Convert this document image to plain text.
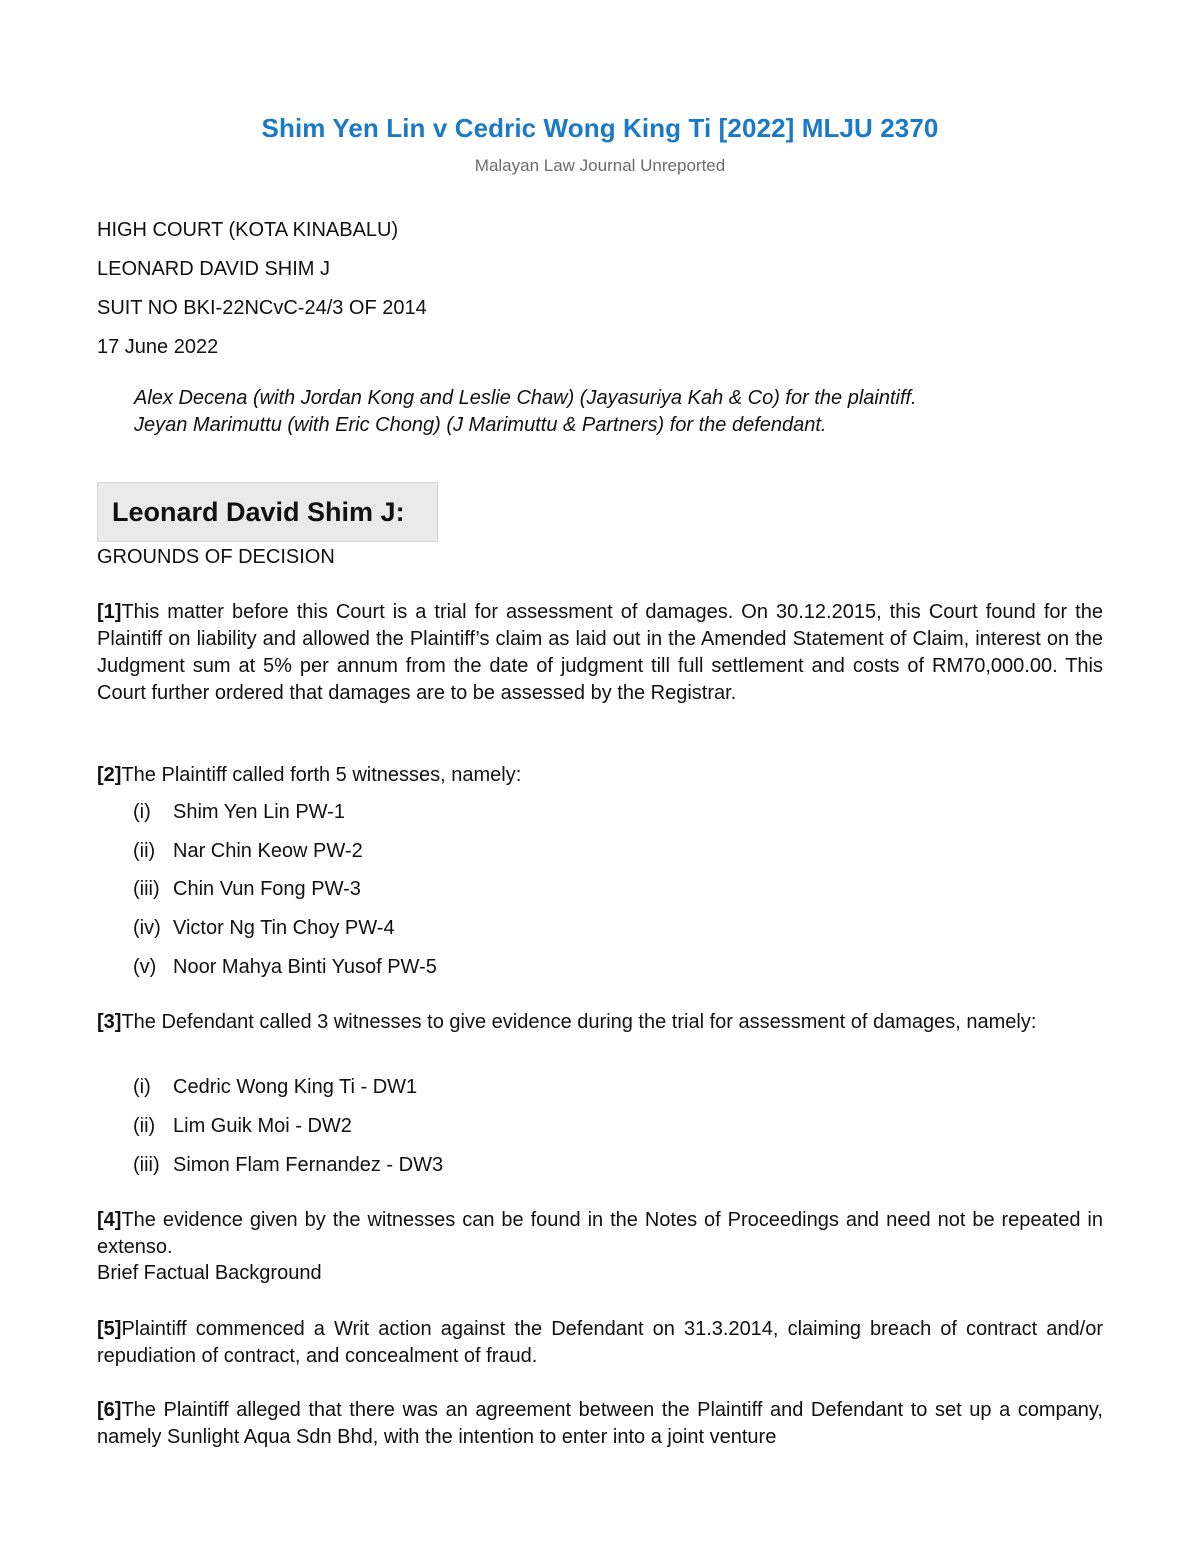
Shim Yen Lin v Cedric Wong King Ti [2022] MLJU 2370
Malayan Law Journal Unreported
HIGH COURT (KOTA KINABALU)
LEONARD DAVID SHIM J
SUIT NO BKI-22NCvC-24/3 OF 2014
17 June 2022
Alex Decena (with Jordan Kong and Leslie Chaw) (Jayasuriya Kah & Co) for the plaintiff.
Jeyan Marimuttu (with Eric Chong) (J Marimuttu & Partners) for the defendant.
Leonard David Shim J:
GROUNDS OF DECISION
[1]This matter before this Court is a trial for assessment of damages. On 30.12.2015, this Court found for the Plaintiff on liability and allowed the Plaintiff’s claim as laid out in the Amended Statement of Claim, interest on the Judgment sum at 5% per annum from the date of judgment till full settlement and costs of RM70,000.00. This Court further ordered that damages are to be assessed by the Registrar.
[2]The Plaintiff called forth 5 witnesses, namely:
(i) Shim Yen Lin PW-1
(ii) Nar Chin Keow PW-2
(iii) Chin Vun Fong PW-3
(iv) Victor Ng Tin Choy PW-4
(v) Noor Mahya Binti Yusof PW-5
[3]The Defendant called 3 witnesses to give evidence during the trial for assessment of damages, namely:
(i) Cedric Wong King Ti - DW1
(ii) Lim Guik Moi - DW2
(iii) Simon Flam Fernandez - DW3
[4]The evidence given by the witnesses can be found in the Notes of Proceedings and need not be repeated in extenso.
Brief Factual Background
[5]Plaintiff commenced a Writ action against the Defendant on 31.3.2014, claiming breach of contract and/or repudiation of contract, and concealment of fraud.
[6]The Plaintiff alleged that there was an agreement between the Plaintiff and Defendant to set up a company, namely Sunlight Aqua Sdn Bhd, with the intention to enter into a joint venture
